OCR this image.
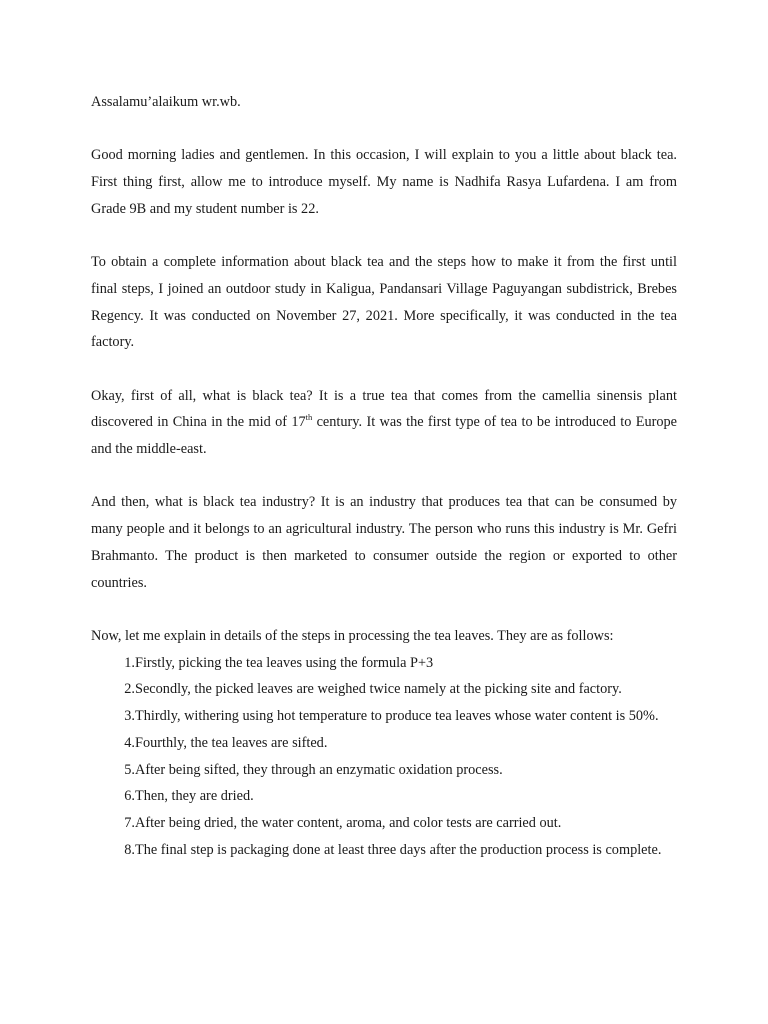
Assalamu’alaikum wr.wb.

Good morning ladies and gentlemen. In this occasion, I will explain to you a little about black tea. First thing first, allow me to introduce myself. My name is Nadhifa Rasya Lufardena. I am from Grade 9B and my student number is 22.

To obtain a complete information about black tea and the steps how to make it from the first until final steps, I joined an outdoor study in Kaligua, Pandansari Village Paguyangan subdistrick, Brebes Regency. It was conducted on November 27, 2021. More specifically, it was conducted in the tea factory.

Okay, first of all, what is black tea? It is a true tea that comes from the camellia sinensis plant discovered in China in the mid of 17th century. It was the first type of tea to be introduced to Europe and the middle-east.

And then, what is black tea industry? It is an industry that produces tea that can be consumed by many people and it belongs to an agricultural industry. The person who runs this industry is Mr. Gefri Brahmanto. The product is then marketed to consumer outside the region or exported to other countries.

Now, let me explain in details of the steps in processing the tea leaves. They are as follows:

1. Firstly, picking the tea leaves using the formula P+3
2. Secondly, the picked leaves are weighed twice namely at the picking site and factory.
3. Thirdly, withering using hot temperature to produce tea leaves whose water content is 50%.
4. Fourthly, the tea leaves are sifted.
5. After being sifted, they through an enzymatic oxidation process.
6. Then, they are dried.
7. After being dried, the water content, aroma, and color tests are carried out.
8. The final step is packaging done at least three days after the production process is complete.
